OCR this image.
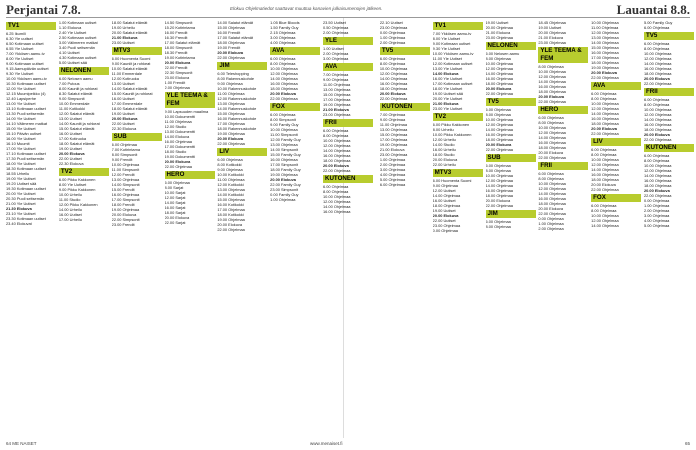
Perjantai 7.8.	Elokuu Ohjelmatiedot saattavat muuttua kanavien julkaisumenojen jälkeen.	Lauantai 8.8.
TV1
6.25 Ikumili
6.30 Yle uutiset
6.50 Kotimaan uutiset
6.55 Yle Uutiset
7.00 Ykkösen aamu-tv
8.00 Yle Uutiset
9.00 Kotimaan uutiset
9.15 Aamupäivän uutiset
9.30 Yle Uutiset
10.00 Ykkösen aamu-tv
10.30 Kotimaan uutiset
12.00 Yle Uutiset
12.15 Muumipeikko (4)
12.40 Lapsiperhe
13.00 Yle Uutiset
13.10 Kotimaan uutiset
13.30 Puoli seitsemän
14.00 Yle Uutiset
14.10 Välimeren matkat
15.00 Yle Uutiset
15.10 Päivän uutiset
16.00 Yle Uutiset
16.10 Muumit
17.00 Yle Uutiset
17.10 Kotimaan uutiset
17.30 Puoli seitsemän
18.00 Yle Uutiset
18.30 Kotimaan uutiset
18.55 Urheilu
19.00 Yle Uutiset
19.20 Uutiset sää
19.30 Kotimaan uutiset
20.00 Yle Uutiset
20.30 Puoli seitsemän
21.00 Yle Uutiset
21.30 Elokuva
23.10 Yle Uutiset
23.30 Kotimaan uutiset
23.40 Elokuvat
1.00 Kotimaan uutiset
1.10 Elokuva
2.40 Yle Uutiset
2.50 Kotimaan uutiset
3.00 Välimeren matkat
3.40 Puoli seitsemän
4.10 Uutiset
4.30 Kotimaan uutiset
5.00 Uutiset sää
NELONEN
6.00 Nelosen aamu
7.00 Putous
8.00 Kauniit ja rohkeat
8.30 Salatut elämät
9.00 Simpsonit
10.00 Emmerdale
11.00 Kotikokki
12.00 Salatut elämät
13.00 Uutiset
14.00 Kauniit ja rohkeat
15.00 Salatut elämät
16.00 Uutiset
17.00 Kotiruoka
18.00 Salatut elämät
19.00 Uutiset
20.00 Elokuva
22.00 Uutiset
22.30 Elokuva
TV2
6.00 Pikku Kakkonen
8.00 Yle Uutiset
9.00 Pikku Kakkonen
10.00 Urheilu
11.00 Studio
12.00 Pikku Kakkonen
14.00 Urheilu
16.00 Uutiset
17.00 Urheilu
18.00 Salatut elämät
19.00 Urheilu
20.00 Salatut elämät
21.00 Elokuva
23.00 Uutiset
MTV3
6.00 Huomenta Suomi
9.00 Kauniit ja rohkeat
10.00 Salatut elämät
11.00 Emmerdale
12.00 Kotiruoka
13.00 Uutiset
14.00 Salatut elämät
15.00 Kauniit ja rohkeat
16.00 Uutiset
17.00 Emmerdale
18.00 Salatut elämät
19.00 Uutiset
20.00 Elokuva
22.00 Uutiset
22.30 Elokuva
SUB
6.00 Ohjelmaa
7.00 Kotirintama
8.00 Simpsonit
9.00 Frendit
10.00 Ohjelmaa
11.00 Simpsonit
12.00 Frendit
13.00 Ohjelmaa
14.00 Simpsonit
15.00 Frendit
16.00 Ohjelmaa
17.00 Simpsonit
18.00 Frendit
19.00 Ohjelmaa
20.00 Elokuva
22.00 Simpsonit
23.00 Frendit
14.50 Simpsonit
15.20 Kotirintama
16.00 Frendit
16.30 Frendit
17.00 Salatut elämät
18.00 Simpsonit
18.30 Frendit
19.00 Kotirintama
20.00 Elokuva
22.00 Frendit
22.30 Simpsonit
23.00 Elokuva
1.00 Frendit
2.00 Ohjelmaa
YLE TEEMA & FEM
9.00 Lapsuuden maailma
10.00 Dokumentti
11.00 Ohjelmaa
12.00 Studio
13.00 Dokumentti
14.00 Elokuva
16.00 Ohjelmaa
17.00 Dokumentti
18.00 Studio
19.00 Dokumentti
20.00 Elokuva
22.00 Ohjelmaa
HERO
6.00 Ohjelmaa
8.00 Sarjat
10.00 Sarjat
12.00 Sarjat
14.00 Sarjat
16.00 Sarjat
18.00 Sarjat
20.00 Elokuva
22.00 Sarjat
14.00 Salatut elämät
15.00 Ohjelmaa
16.00 Frendit
17.00 Salatut elämät
18.00 Ohjelmaa
19.00 Frendit
20.00 Elokuva
22.00 Ohjelmaa
JIM
6.00 Teleshopping
8.00 Rakennuskohde
9.00 Ohjelmaa
10.00 Rakennuskohde
11.00 Ohjelmaa
12.00 Rakennuskohde
13.00 Ohjelmaa
14.00 Rakennuskohde
15.00 Ohjelmaa
16.00 Rakennuskohde
17.00 Ohjelmaa
18.00 Rakennuskohde
19.00 Ohjelmaa
20.00 Elokuva
22.00 Ohjelmaa
LIV
6.00 Ohjelmaa
8.00 Kotikokki
9.00 Ohjelmaa
10.00 Kotikokki
11.00 Ohjelmaa
12.00 Kotikokki
13.00 Ohjelmaa
14.00 Kotikokki
15.00 Ohjelmaa
16.00 Kotikokki
17.00 Ohjelmaa
18.00 Kotikokki
19.00 Ohjelmaa
20.00 Elokuva
22.00 Ohjelmaa
1.05 Blue Bloods
1.50 Family Guy
2.15 Ohjelmaa
3.00 Ohjelmaa
4.00 Ohjelmaa
AVA
6.00 Ohjelmaa
8.00 Ohjelmaa
10.00 Ohjelmaa
12.00 Ohjelmaa
14.00 Ohjelmaa
16.00 Ohjelmaa
18.00 Ohjelmaa
20.00 Elokuva
22.00 Ohjelmaa
FOX
6.00 Ohjelmaa
8.00 Simpsonit
9.00 Family Guy
10.00 Ohjelmaa
11.00 Simpsonit
12.00 Family Guy
13.00 Ohjelmaa
14.00 Simpsonit
15.00 Family Guy
16.00 Ohjelmaa
17.00 Simpsonit
18.00 Family Guy
19.00 Ohjelmaa
20.00 Elokuva
22.00 Family Guy
23.00 Simpsonit
0.00 Family Guy
1.00 Ohjelmaa
23.50 Uutiset
0.50 Ohjelmaa
2.00 Ohjelmaa
YLE
1.00 Uutiset
2.00 Ohjelmaa
3.00 Ohjelmaa
AVA
7.00 Ohjelmaa
9.00 Ohjelmaa
11.00 Ohjelmaa
13.00 Ohjelmaa
15.00 Ohjelmaa
17.00 Ohjelmaa
19.00 Ohjelmaa
21.00 Elokuva
23.00 Ohjelmaa
FRII
6.00 Ohjelmaa
8.00 Ohjelmaa
10.00 Ohjelmaa
12.00 Ohjelmaa
14.00 Ohjelmaa
16.00 Ohjelmaa
18.00 Ohjelmaa
20.00 Elokuva
22.00 Ohjelmaa
KUTONEN
6.00 Ohjelmaa
8.00 Ohjelmaa
10.00 Ohjelmaa
12.00 Ohjelmaa
14.00 Ohjelmaa
16.00 Ohjelmaa
22.10 Uutiset
23.00 Ohjelmaa
0.00 Ohjelmaa
1.00 Ohjelmaa
2.00 Ohjelmaa
TV5
6.00 Ohjelmaa
8.00 Ohjelmaa
10.00 Ohjelmaa
12.00 Ohjelmaa
14.00 Ohjelmaa
16.00 Ohjelmaa
18.00 Ohjelmaa
20.00 Elokuva
22.00 Ohjelmaa
KUTONEN
7.00 Ohjelmaa
9.00 Ohjelmaa
11.00 Ohjelmaa
13.00 Ohjelmaa
15.00 Ohjelmaa
17.00 Ohjelmaa
19.00 Ohjelmaa
21.00 Elokuva
23.00 Ohjelmaa
1.00 Ohjelmaa
2.00 Ohjelmaa
3.00 Ohjelmaa
4.00 Ohjelmaa
5.00 Ohjelmaa
6.00 Ohjelmaa
TV1
7.00 Ykkösen aamu-tv
8.00 Yle Uutiset
9.00 Kotimaan uutiset
9.30 Yle Uutiset
10.00 Ykkösen aamu-tv
11.00 Yle Uutiset
12.00 Kotimaan uutiset
13.00 Yle Uutiset
14.00 Elokuva
16.00 Yle Uutiset
17.00 Kotimaan uutiset
18.00 Yle Uutiset
19.00 Uutiset sää
20.00 Yle Uutiset
21.00 Elokuva
23.00 Yle Uutiset
TV2
6.00 Pikku Kakkonen
8.00 Urheilu
10.00 Pikku Kakkonen
12.00 Urheilu
14.00 Studio
16.00 Urheilu
18.00 Studio
20.00 Elokuva
22.00 Urheilu
MTV3
6.00 Huomenta Suomi
9.00 Ohjelmaa
12.00 Uutiset
14.00 Ohjelmaa
16.00 Uutiset
18.00 Ohjelmaa
19.00 Uutiset
20.00 Elokuva
22.00 Uutiset
23.00 Ohjelmaa
0.00 Ohjelmaa
19.00 Uutiset
20.00 Ohjelmaa
21.00 Elokuva
23.00 Ohjelmaa
NELONEN
6.00 Nelosen aamu
8.00 Ohjelmaa
10.00 Ohjelmaa
12.00 Ohjelmaa
14.00 Ohjelmaa
16.00 Ohjelmaa
18.00 Ohjelmaa
20.00 Elokuva
22.00 Ohjelmaa
TV5
6.00 Ohjelmaa
8.00 Ohjelmaa
10.00 Ohjelmaa
12.00 Ohjelmaa
14.00 Ohjelmaa
16.00 Ohjelmaa
18.00 Ohjelmaa
20.00 Elokuva
22.00 Ohjelmaa
SUB
6.00 Ohjelmaa
8.00 Ohjelmaa
10.00 Ohjelmaa
12.00 Ohjelmaa
14.00 Ohjelmaa
16.00 Ohjelmaa
18.00 Ohjelmaa
20.00 Elokuva
22.00 Ohjelmaa
JIM
6.00 Ohjelmaa
8.00 Ohjelmaa
18.45 Ohjelmaa
19.00 Uutiset
20.00 Ohjelmaa
21.00 Elokuva
23.00 Ohjelmaa
YLE TEEMA & FEM
8.00 Ohjelmaa
10.00 Ohjelmaa
12.00 Ohjelmaa
14.00 Ohjelmaa
16.00 Ohjelmaa
18.00 Ohjelmaa
20.00 Elokuva
22.00 Ohjelmaa
HERO
6.00 Ohjelmaa
8.00 Ohjelmaa
10.00 Ohjelmaa
12.00 Ohjelmaa
14.00 Ohjelmaa
16.00 Ohjelmaa
18.00 Ohjelmaa
20.00 Elokuva
22.00 Ohjelmaa
FRII
6.00 Ohjelmaa
8.00 Ohjelmaa
10.00 Ohjelmaa
12.00 Ohjelmaa
14.00 Ohjelmaa
16.00 Ohjelmaa
18.00 Ohjelmaa
20.00 Elokuva
22.00 Ohjelmaa
0.00 Ohjelmaa
1.00 Ohjelmaa
2.00 Ohjelmaa
10.00 Ohjelmaa
11.00 Ohjelmaa
12.00 Ohjelmaa
13.00 Ohjelmaa
14.00 Ohjelmaa
15.00 Ohjelmaa
16.00 Ohjelmaa
17.00 Ohjelmaa
18.00 Ohjelmaa
19.00 Ohjelmaa
20.00 Elokuva
22.00 Ohjelmaa
AVA
6.00 Ohjelmaa
8.00 Ohjelmaa
10.00 Ohjelmaa
12.00 Ohjelmaa
14.00 Ohjelmaa
16.00 Ohjelmaa
18.00 Ohjelmaa
20.00 Elokuva
22.00 Ohjelmaa
LIV
6.00 Ohjelmaa
8.00 Ohjelmaa
10.00 Ohjelmaa
12.00 Ohjelmaa
14.00 Ohjelmaa
16.00 Ohjelmaa
18.00 Ohjelmaa
20.00 Elokuva
22.00 Ohjelmaa
FOX
6.00 Ohjelmaa
8.00 Ohjelmaa
10.00 Ohjelmaa
12.00 Ohjelmaa
14.00 Ohjelmaa
5.00 Family Guy
6.00 Ohjelmaa
TV5
6.00 Ohjelmaa
8.00 Ohjelmaa
10.00 Ohjelmaa
12.00 Ohjelmaa
14.00 Ohjelmaa
16.00 Ohjelmaa
18.00 Ohjelmaa
20.00 Elokuva
22.00 Ohjelmaa
FRII
6.00 Ohjelmaa
8.00 Ohjelmaa
10.00 Ohjelmaa
12.00 Ohjelmaa
14.00 Ohjelmaa
16.00 Ohjelmaa
18.00 Ohjelmaa
20.00 Elokuva
22.00 Ohjelmaa
KUTONEN
6.00 Ohjelmaa
8.00 Ohjelmaa
10.00 Ohjelmaa
12.00 Ohjelmaa
14.00 Ohjelmaa
16.00 Ohjelmaa
18.00 Ohjelmaa
20.00 Elokuva
22.00 Ohjelmaa
0.00 Ohjelmaa
1.00 Ohjelmaa
2.00 Ohjelmaa
3.00 Ohjelmaa
4.00 Ohjelmaa
5.00 Ohjelmaa
64 ME NAISET	www.menaiset.fi	65
